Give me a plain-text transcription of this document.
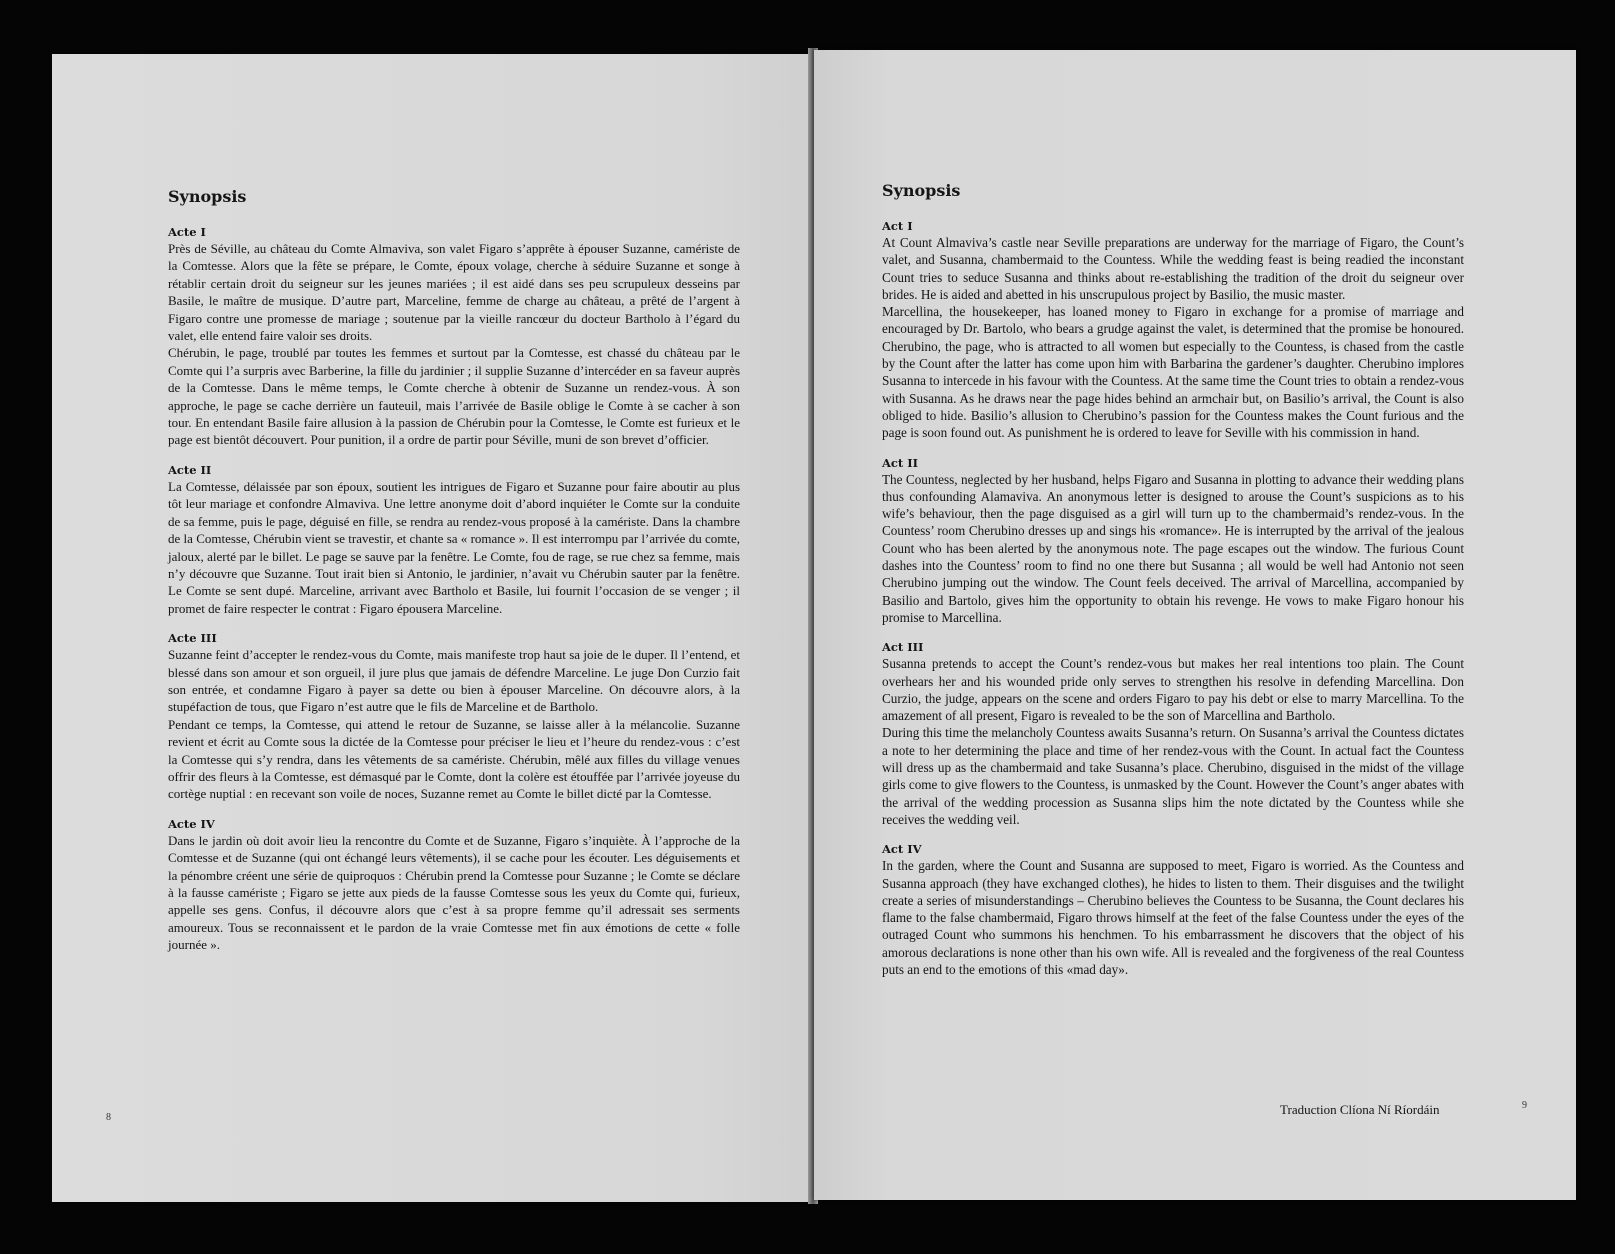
Synopsis
Acte I

Près de Séville, au château du Comte Almaviva, son valet Figaro s’apprête à épouser Suzanne, camériste de la Comtesse. Alors que la fête se prépare, le Comte, époux volage, cherche à séduire Suzanne et songe à rétablir certain droit du seigneur sur les jeunes mariées ; il est aidé dans ses peu scrupuleux desseins par Basile, le maître de musique. D’autre part, Marceline, femme de charge au château, a prêté de l’argent à Figaro contre une promesse de mariage ; soutenue par la vieille rancœur du docteur Bartholo à l’égard du valet, elle entend faire valoir ses droits.

Chérubin, le page, troublé par toutes les femmes et surtout par la Comtesse, est chassé du château par le Comte qui l’a surpris avec Barberine, la fille du jardinier ; il supplie Suzanne d’intercéder en sa faveur auprès de la Comtesse. Dans le même temps, le Comte cherche à obtenir de Suzanne un rendez-vous. À son approche, le page se cache derrière un fauteuil, mais l’arrivée de Basile oblige le Comte à se cacher à son tour. En entendant Basile faire allusion à la passion de Chérubin pour la Comtesse, le Comte est furieux et le page est bientôt découvert. Pour punition, il a ordre de partir pour Séville, muni de son brevet d’officier.

Acte II

La Comtesse, délaissée par son époux, soutient les intrigues de Figaro et Suzanne pour faire aboutir au plus tôt leur mariage et confondre Almaviva. Une lettre anonyme doit d’abord inquiéter le Comte sur la conduite de sa femme, puis le page, déguisé en fille, se rendra au rendez-vous proposé à la camériste. Dans la chambre de la Comtesse, Chérubin vient se travestir, et chante sa « romance ». Il est interrompu par l’arrivée du comte, jaloux, alerté par le billet. Le page se sauve par la fenêtre. Le Comte, fou de rage, se rue chez sa femme, mais n’y découvre que Suzanne. Tout irait bien si Antonio, le jardinier, n’avait vu Chérubin sauter par la fenêtre. Le Comte se sent dupé. Marceline, arrivant avec Bartholo et Basile, lui fournit l’occasion de se venger ; il promet de faire respecter le contrat : Figaro épousera Marceline.

Acte III

Suzanne feint d’accepter le rendez-vous du Comte, mais manifeste trop haut sa joie de le duper. Il l’entend, et blessé dans son amour et son orgueil, il jure plus que jamais de défendre Marceline. Le juge Don Curzio fait son entrée, et condamne Figaro à payer sa dette ou bien à épouser Marceline. On découvre alors, à la stupéfaction de tous, que Figaro n’est autre que le fils de Marceline et de Bartholo.

Pendant ce temps, la Comtesse, qui attend le retour de Suzanne, se laisse aller à la mélancolie. Suzanne revient et écrit au Comte sous la dictée de la Comtesse pour préciser le lieu et l’heure du rendez-vous : c’est la Comtesse qui s’y rendra, dans les vêtements de sa camériste. Chérubin, mêlé aux filles du village venues offrir des fleurs à la Comtesse, est démasqué par le Comte, dont la colère est étouffée par l’arrivée joyeuse du cortège nuptial : en recevant son voile de noces, Suzanne remet au Comte le billet dicté par la Comtesse.

Acte IV

Dans le jardin où doit avoir lieu la rencontre du Comte et de Suzanne, Figaro s’inquiète. À l’approche de la Comtesse et de Suzanne (qui ont échangé leurs vêtements), il se cache pour les écouter. Les déguisements et la pénombre créent une série de quiproquos : Chérubin prend la Comtesse pour Suzanne ; le Comte se déclare à la fausse camériste ; Figaro se jette aux pieds de la fausse Comtesse sous les yeux du Comte qui, furieux, appelle ses gens. Confus, il découvre alors que c’est à sa propre femme qu’il adressait ses serments amoureux. Tous se reconnaissent et le pardon de la vraie Comtesse met fin aux émotions de cette « folle journée ».

8
Synopsis
Act I

At Count Almaviva’s castle near Seville preparations are underway for the marriage of Figaro, the Count’s valet, and Susanna, chambermaid to the Countess. While the wedding feast is being readied the inconstant Count tries to seduce Susanna and thinks about re-establishing the tradition of the droit du seigneur over brides. He is aided and abetted in his unscrupulous project by Basilio, the music master.

Marcellina, the housekeeper, has loaned money to Figaro in exchange for a promise of marriage and encouraged by Dr. Bartolo, who bears a grudge against the valet, is determined that the promise be honoured. Cherubino, the page, who is attracted to all women but especially to the Countess, is chased from the castle by the Count after the latter has come upon him with Barbarina the gardener’s daughter. Cherubino implores Susanna to intercede in his favour with the Countess. At the same time the Count tries to obtain a rendez-vous with Susanna. As he draws near the page hides behind an armchair but, on Basilio’s arrival, the Count is also obliged to hide. Basilio’s allusion to Cherubino’s passion for the Countess makes the Count furious and the page is soon found out. As punishment he is ordered to leave for Seville with his commission in hand.

Act II

The Countess, neglected by her husband, helps Figaro and Susanna in plotting to advance their wedding plans thus confounding Alamaviva. An anonymous letter is designed to arouse the Count’s suspicions as to his wife’s behaviour, then the page disguised as a girl will turn up to the chambermaid’s rendez-vous. In the Countess’ room Cherubino dresses up and sings his «romance». He is interrupted by the arrival of the jealous Count who has been alerted by the anonymous note. The page escapes out the window. The furious Count dashes into the Countess’ room to find no one there but Susanna ; all would be well had Antonio not seen Cherubino jumping out the window. The Count feels deceived. The arrival of Marcellina, accompanied by Basilio and Bartolo, gives him the opportunity to obtain his revenge. He vows to make Figaro honour his promise to Marcellina.

Act III

Susanna pretends to accept the Count’s rendez-vous but makes her real intentions too plain. The Count overhears her and his wounded pride only serves to strengthen his resolve in defending Marcellina. Don Curzio, the judge, appears on the scene and orders Figaro to pay his debt or else to marry Marcellina. To the amazement of all present, Figaro is revealed to be the son of Marcellina and Bartholo.

During this time the melancholy Countess awaits Susanna’s return. On Susanna’s arrival the Countess dictates a note to her determining the place and time of her rendez-vous with the Count. In actual fact the Countess will dress up as the chambermaid and take Susanna’s place. Cherubino, disguised in the midst of the village girls come to give flowers to the Countess, is unmasked by the Count. However the Count’s anger abates with the arrival of the wedding procession as Susanna slips him the note dictated by the Countess while she receives the wedding veil.

Act IV

In the garden, where the Count and Susanna are supposed to meet, Figaro is worried. As the Countess and Susanna approach (they have exchanged clothes), he hides to listen to them. Their disguises and the twilight create a series of misunderstandings – Cherubino believes the Countess to be Susanna, the Count declares his flame to the false chambermaid, Figaro throws himself at the feet of the false Countess under the eyes of the outraged Count who summons his henchmen. To his embarrassment he discovers that the object of his amorous declarations is none other than his own wife. All is revealed and the forgiveness of the real Countess puts an end to the emotions of this «mad day».

Traduction Clíona Ní Ríordáin	9
